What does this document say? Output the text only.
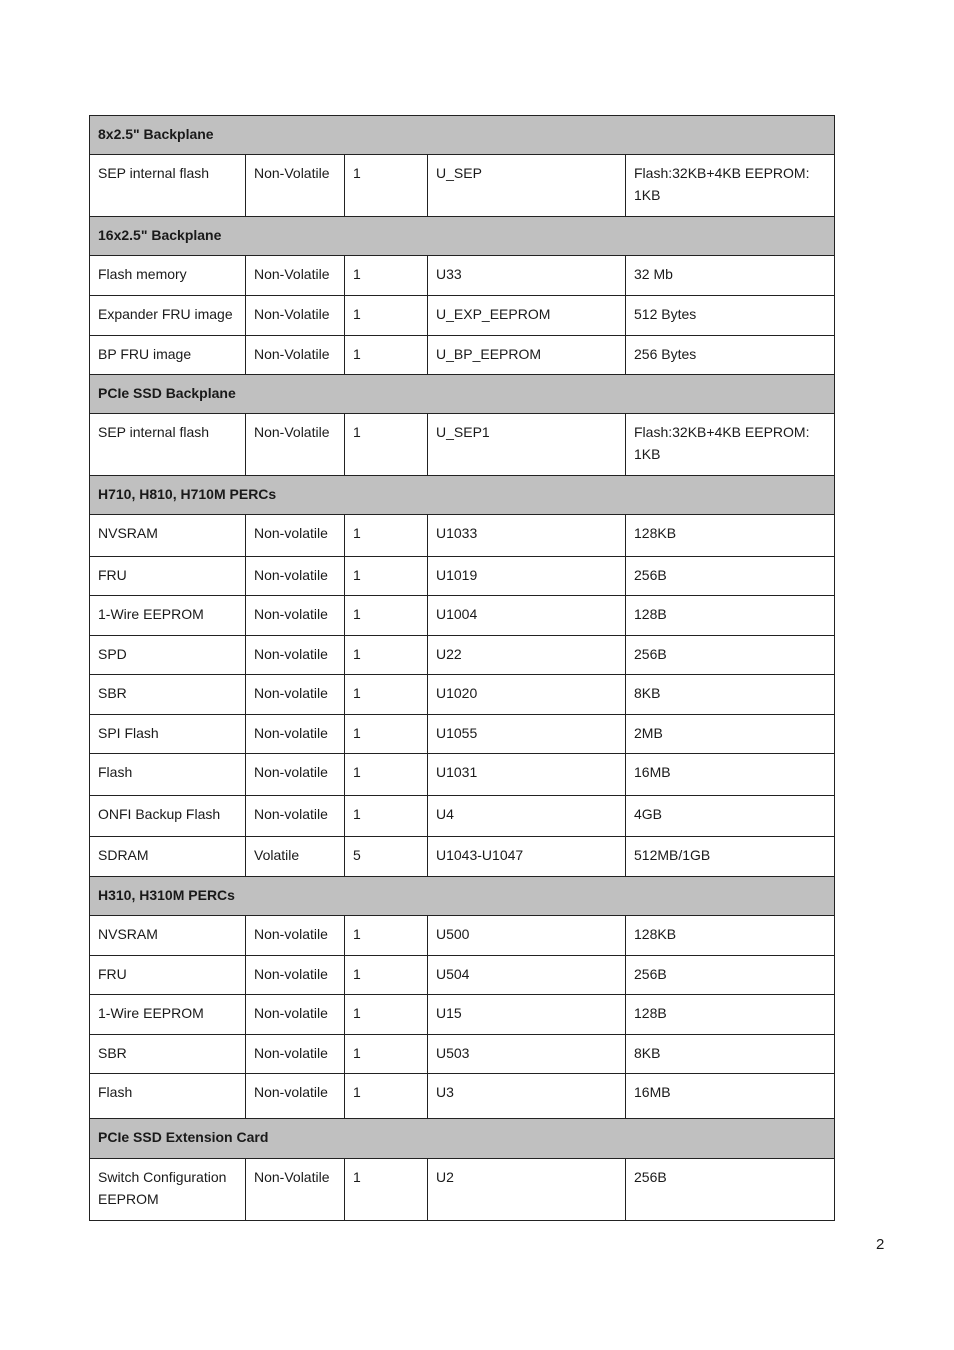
8x2.5" Backplane				
SEP internal flash	Non-Volatile	1	U_SEP	Flash:32KB+4KB EEPROM: 1KB
16x2.5" Backplane				
Flash memory	Non-Volatile	1	U33	32 Mb
Expander FRU image	Non-Volatile	1	U_EXP_EEPROM	512 Bytes
BP FRU image	Non-Volatile	1	U_BP_EEPROM	256 Bytes
PCIe SSD Backplane				
SEP internal flash	Non-Volatile	1	U_SEP1	Flash:32KB+4KB EEPROM: 1KB
H710, H810, H710M PERCs				
NVSRAM	Non-volatile	1	U1033	128KB
FRU	Non-volatile	1	U1019	256B
1-Wire EEPROM	Non-volatile	1	U1004	128B
SPD	Non-volatile	1	U22	256B
SBR	Non-volatile	1	U1020	8KB
SPI Flash	Non-volatile	1	U1055	2MB
Flash	Non-volatile	1	U1031	16MB
ONFI Backup Flash	Non-volatile	1	U4	4GB
SDRAM	Volatile	5	U1043-U1047	512MB/1GB
H310, H310M PERCs				
NVSRAM	Non-volatile	1	U500	128KB
FRU	Non-volatile	1	U504	256B
1-Wire EEPROM	Non-volatile	1	U15	128B
SBR	Non-volatile	1	U503	8KB
Flash	Non-volatile	1	U3	16MB
PCIe SSD Extension Card				
Switch Configuration EEPROM	Non-Volatile	1	U2	256B
2
